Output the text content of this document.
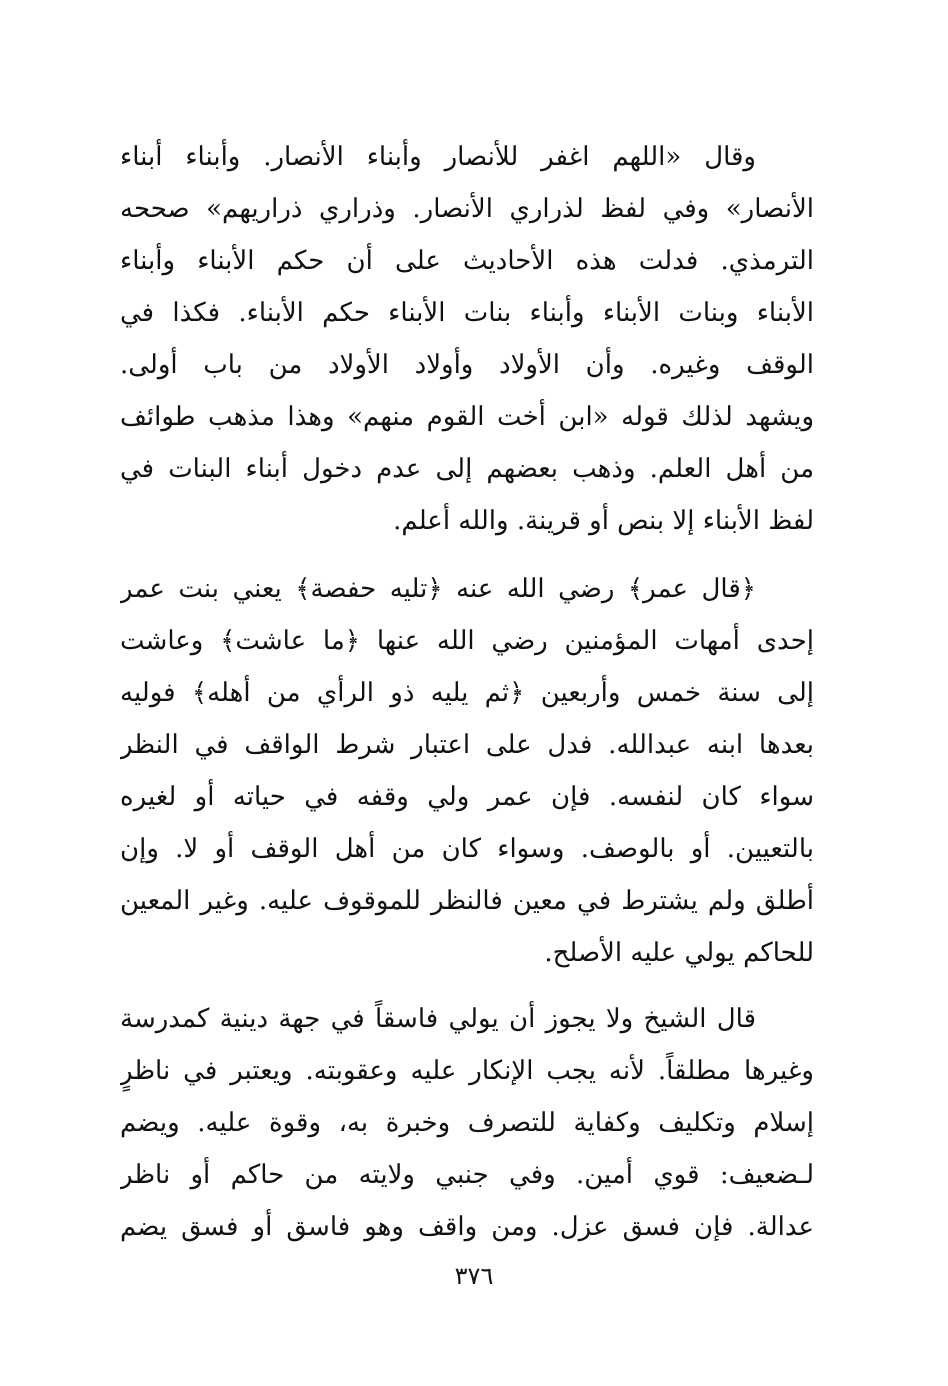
وقال «اللهم اغفر للأنصار وأبناء الأنصار. وأبناء أبناء
الأنصار» وفي لفظ لذراري الأنصار. وذراري ذراريهم» صححه
الترمذي. فدلت هذه الأحاديث على أن حكم الأبناء وأبناء
الأبناء وبنات الأبناء وأبناء بنات الأبناء حكم الأبناء. فكذا في
الوقف وغيره. وأن الأولاد وأولاد الأولاد من باب أولى.
ويشهد لذلك قوله «ابن أخت القوم منهم» وهذا مذهب طوائف
من أهل العلم. وذهب بعضهم إلى عدم دخول أبناء البنات في
لفظ الأبناء إلا بنص أو قرينة. والله أعلم.
﴿قال عمر﴾ رضي الله عنه ﴿تليه حفصة﴾ يعني بنت عمر
إحدى أمهات المؤمنين رضي الله عنها ﴿ما عاشت﴾ وعاشت
إلى سنة خمس وأربعين ﴿ثم يليه ذو الرأي من أهله﴾ فوليه
بعدها ابنه عبدالله. فدل على اعتبار شرط الواقف في النظر
سواء كان لنفسه. فإن عمر ولي وقفه في حياته أو لغيره
بالتعيين. أو بالوصف. وسواء كان من أهل الوقف أو لا. وإن
أطلق ولم يشترط في معين فالنظر للموقوف عليه. وغير المعين
للحاكم يولي عليه الأصلح.
قال الشيخ ولا يجوز أن يولي فاسقاً في جهة دينية كمدرسة
وغيرها مطلقاً. لأنه يجب الإنكار عليه وعقوبته. ويعتبر في ناظرٍ
إسلام وتكليف وكفاية للتصرف وخبرة به، وقوة عليه. ويضم
لـضعيف: قوي أمين. وفي جنبي ولايته من حاكم أو ناظر
عدالة. فإن فسق عزل. ومن واقف وهو فاسق أو فسق يضم
٣٧٦
